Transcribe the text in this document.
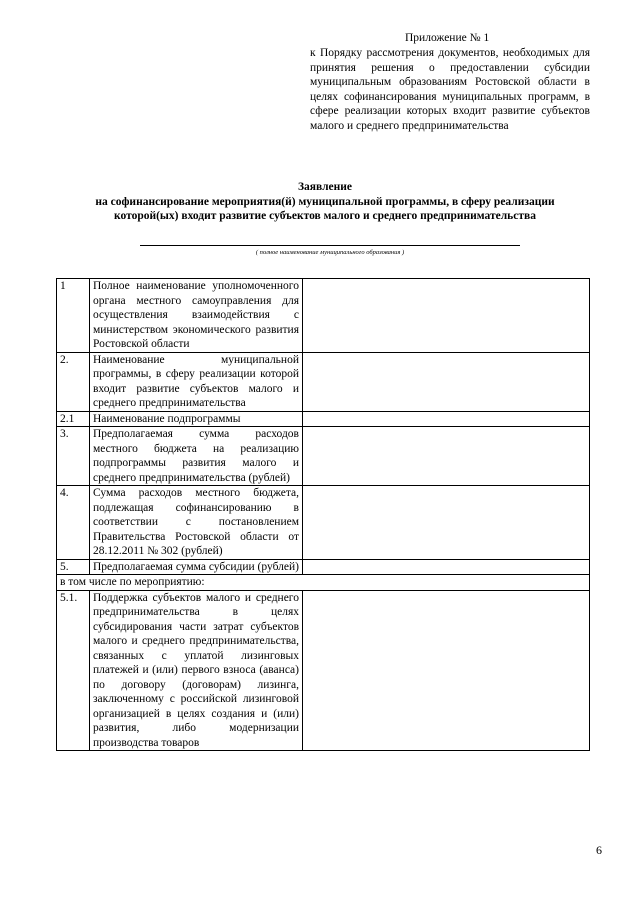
Приложение № 1
к Порядку рассмотрения документов, необходимых для принятия решения о предоставлении субсидии муниципальным образованиям Ростовской области в целях софинансирования муниципальных программ, в сфере реализации которых входит развитие субъектов малого и среднего предпринимательства
Заявление
на софинансирование мероприятия(й) муниципальной программы, в сферу реализации
которой(ых) входит развитие субъектов малого и среднего предпринимательства
( полное наименование муниципального образования )
1	Полное наименование уполномоченного органа местного самоуправления для осуществления взаимодействия с министерством экономического развития Ростовской области	
2.	Наименование муниципальной программы, в сферу реализации которой входит развитие субъектов малого и среднего предпринимательства	
2.1	Наименование подпрограммы	
3.	Предполагаемая сумма расходов местного бюджета на реализацию подпрограммы развития малого и среднего предпринимательства (рублей)	
4.	Сумма расходов местного бюджета, подлежащая софинансированию в соответствии с постановлением Правительства Ростовской области от 28.12.2011 № 302 (рублей)	
5.	Предполагаемая сумма субсидии (рублей)	
в том числе по мероприятию:		
5.1.	Поддержка субъектов малого и среднего предпринимательства в целях субсидирования части затрат субъектов малого и среднего предпринимательства, связанных с уплатой лизинговых платежей и (или) первого взноса (аванса) по договору (договорам) лизинга, заключенному с российской лизинговой организацией в целях создания и (или) развития, либо модернизации производства товаров	
6
